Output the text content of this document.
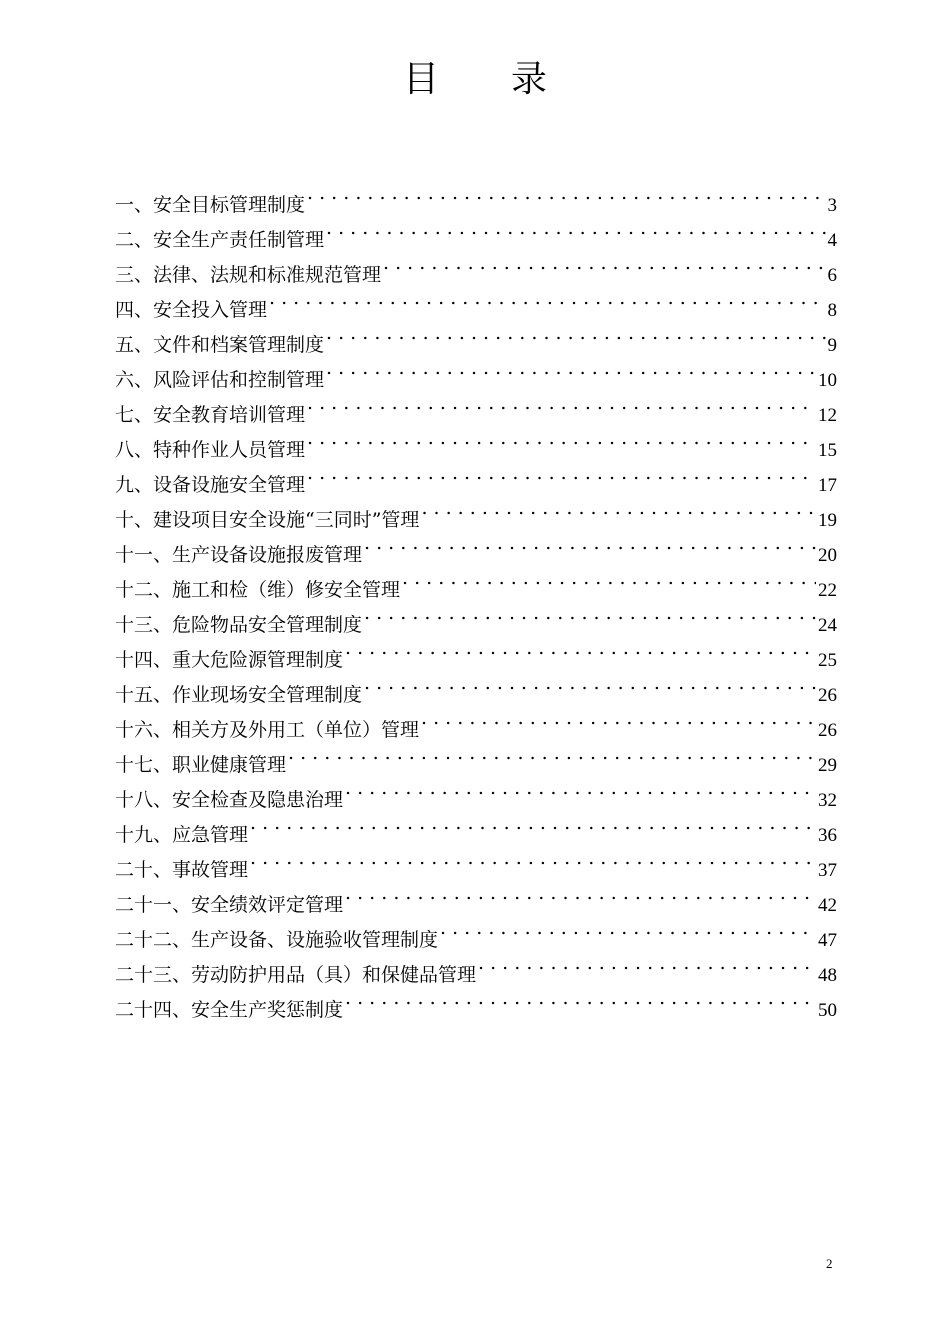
目 录
一、安全目标管理制度 . . .	3
二、安全生产责任制管理 . . .	4
三、法律、法规和标准规范管理 . . .	6
四、安全投入管理 . . .	8
五、文件和档案管理制度 . . .	9
六、风险评估和控制管理 . . .	10
七、安全教育培训管理 . . .	12
八、特种作业人员管理 . . .	15
九、设备设施安全管理 . . .	17
十、建设项目安全设施“三同时”管理 . . .	19
十一、生产设备设施报废管理 . . .	20
十二、施工和检（维）修安全管理 . . .	22
十三、危险物品安全管理制度 . . .	24
十四、重大危险源管理制度 . . .	25
十五、作业现场安全管理制度 . . .	26
十六、相关方及外用工（单位）管理 . . .	26
十七、职业健康管理 . . .	29
十八、安全检查及隐患治理 . . .	32
十九、应急管理 . . .	36
二十、事故管理 . . .	37
二十一、安全绩效评定管理 . . .	42
二十二、生产设备、设施验收管理制度 . . .	47
二十三、劳动防护用品（具）和保健品管理 . . .	48
二十四、安全生产奖惩制度 . . .	50
2
